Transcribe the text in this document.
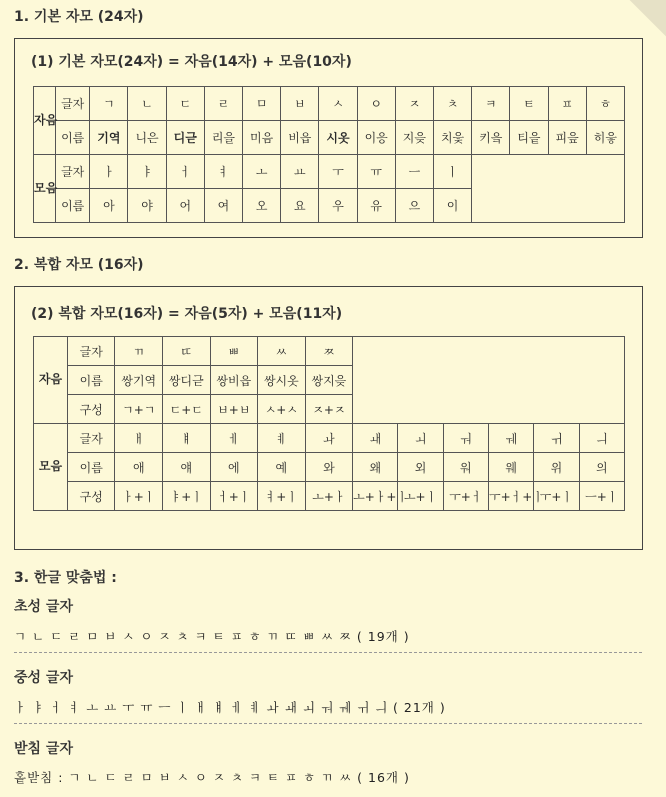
1. 기본 자모 (24자)
(1) 기본 자모(24자) = 자음(14자) + 모음(10자)
자음	글자	ㄱ	ㄴ	ㄷ	ㄹ	ㅁ	ㅂ	ㅅ	ㅇ	ㅈ	ㅊ	ㅋ	ㅌ	ㅍ	ㅎ
	이름	기역	니은	디귿	리을	미음	비읍	시옷	이응	지읒	치읓	키읔	티읕	피읖	히읗
모음	글자	ㅏ	ㅑ	ㅓ	ㅕ	ㅗ	ㅛ	ㅜ	ㅠ	ㅡ	ㅣ				
	이름	아	야	어	여	오	요	우	유	으	이				
2. 복합 자모 (16자)
(2) 복합 자모(16자) = 자음(5자) + 모음(11자)
자음	글자	ㄲ	ㄸ	ㅃ	ㅆ	ㅉ						
	이름	쌍기역	쌍디귿	쌍비읍	쌍시옷	쌍지읒						
	구성	ㄱ+ㄱ	ㄷ+ㄷ	ㅂ+ㅂ	ㅅ+ㅅ	ㅈ+ㅈ						
모음	글자	ㅐ	ㅒ	ㅔ	ㅖ	ㅘ	ㅙ	ㅚ	ㅝ	ㅞ	ㅟ	ㅢ
	이름	애	얘	에	예	와	왜	외	워	웨	위	의
	구성	ㅏ+ㅣ	ㅑ+ㅣ	ㅓ+ㅣ	ㅕ+ㅣ	ㅗ+ㅏ	ㅗ+ㅏ+ㅣ	ㅗ+ㅣ	ㅜ+ㅓ	ㅜ+ㅓ+ㅣ	ㅜ+ㅣ	ㅡ+ㅣ
3. 한글 맞춤법 :
초성 글자
ㄱ ㄴ ㄷ ㄹ ㅁ ㅂ ㅅ ㅇ ㅈ ㅊ ㅋ ㅌ ㅍ ㅎ ㄲ ㄸ ㅃ ㅆ ㅉ ( 19개 )
중성 글자
ㅏ ㅑ ㅓ ㅕ ㅗ ㅛ ㅜ ㅠ ㅡ ㅣ ㅐ ㅒ ㅔ ㅖ ㅘ ㅙ ㅚ ㅝ ㅞ ㅟ ㅢ ( 21개 )
받침 글자
홑받침 : ㄱ ㄴ ㄷ ㄹ ㅁ ㅂ ㅅ ㅇ ㅈ ㅊ ㅋ ㅌ ㅍ ㅎ ㄲ ㅆ ( 16개 )
